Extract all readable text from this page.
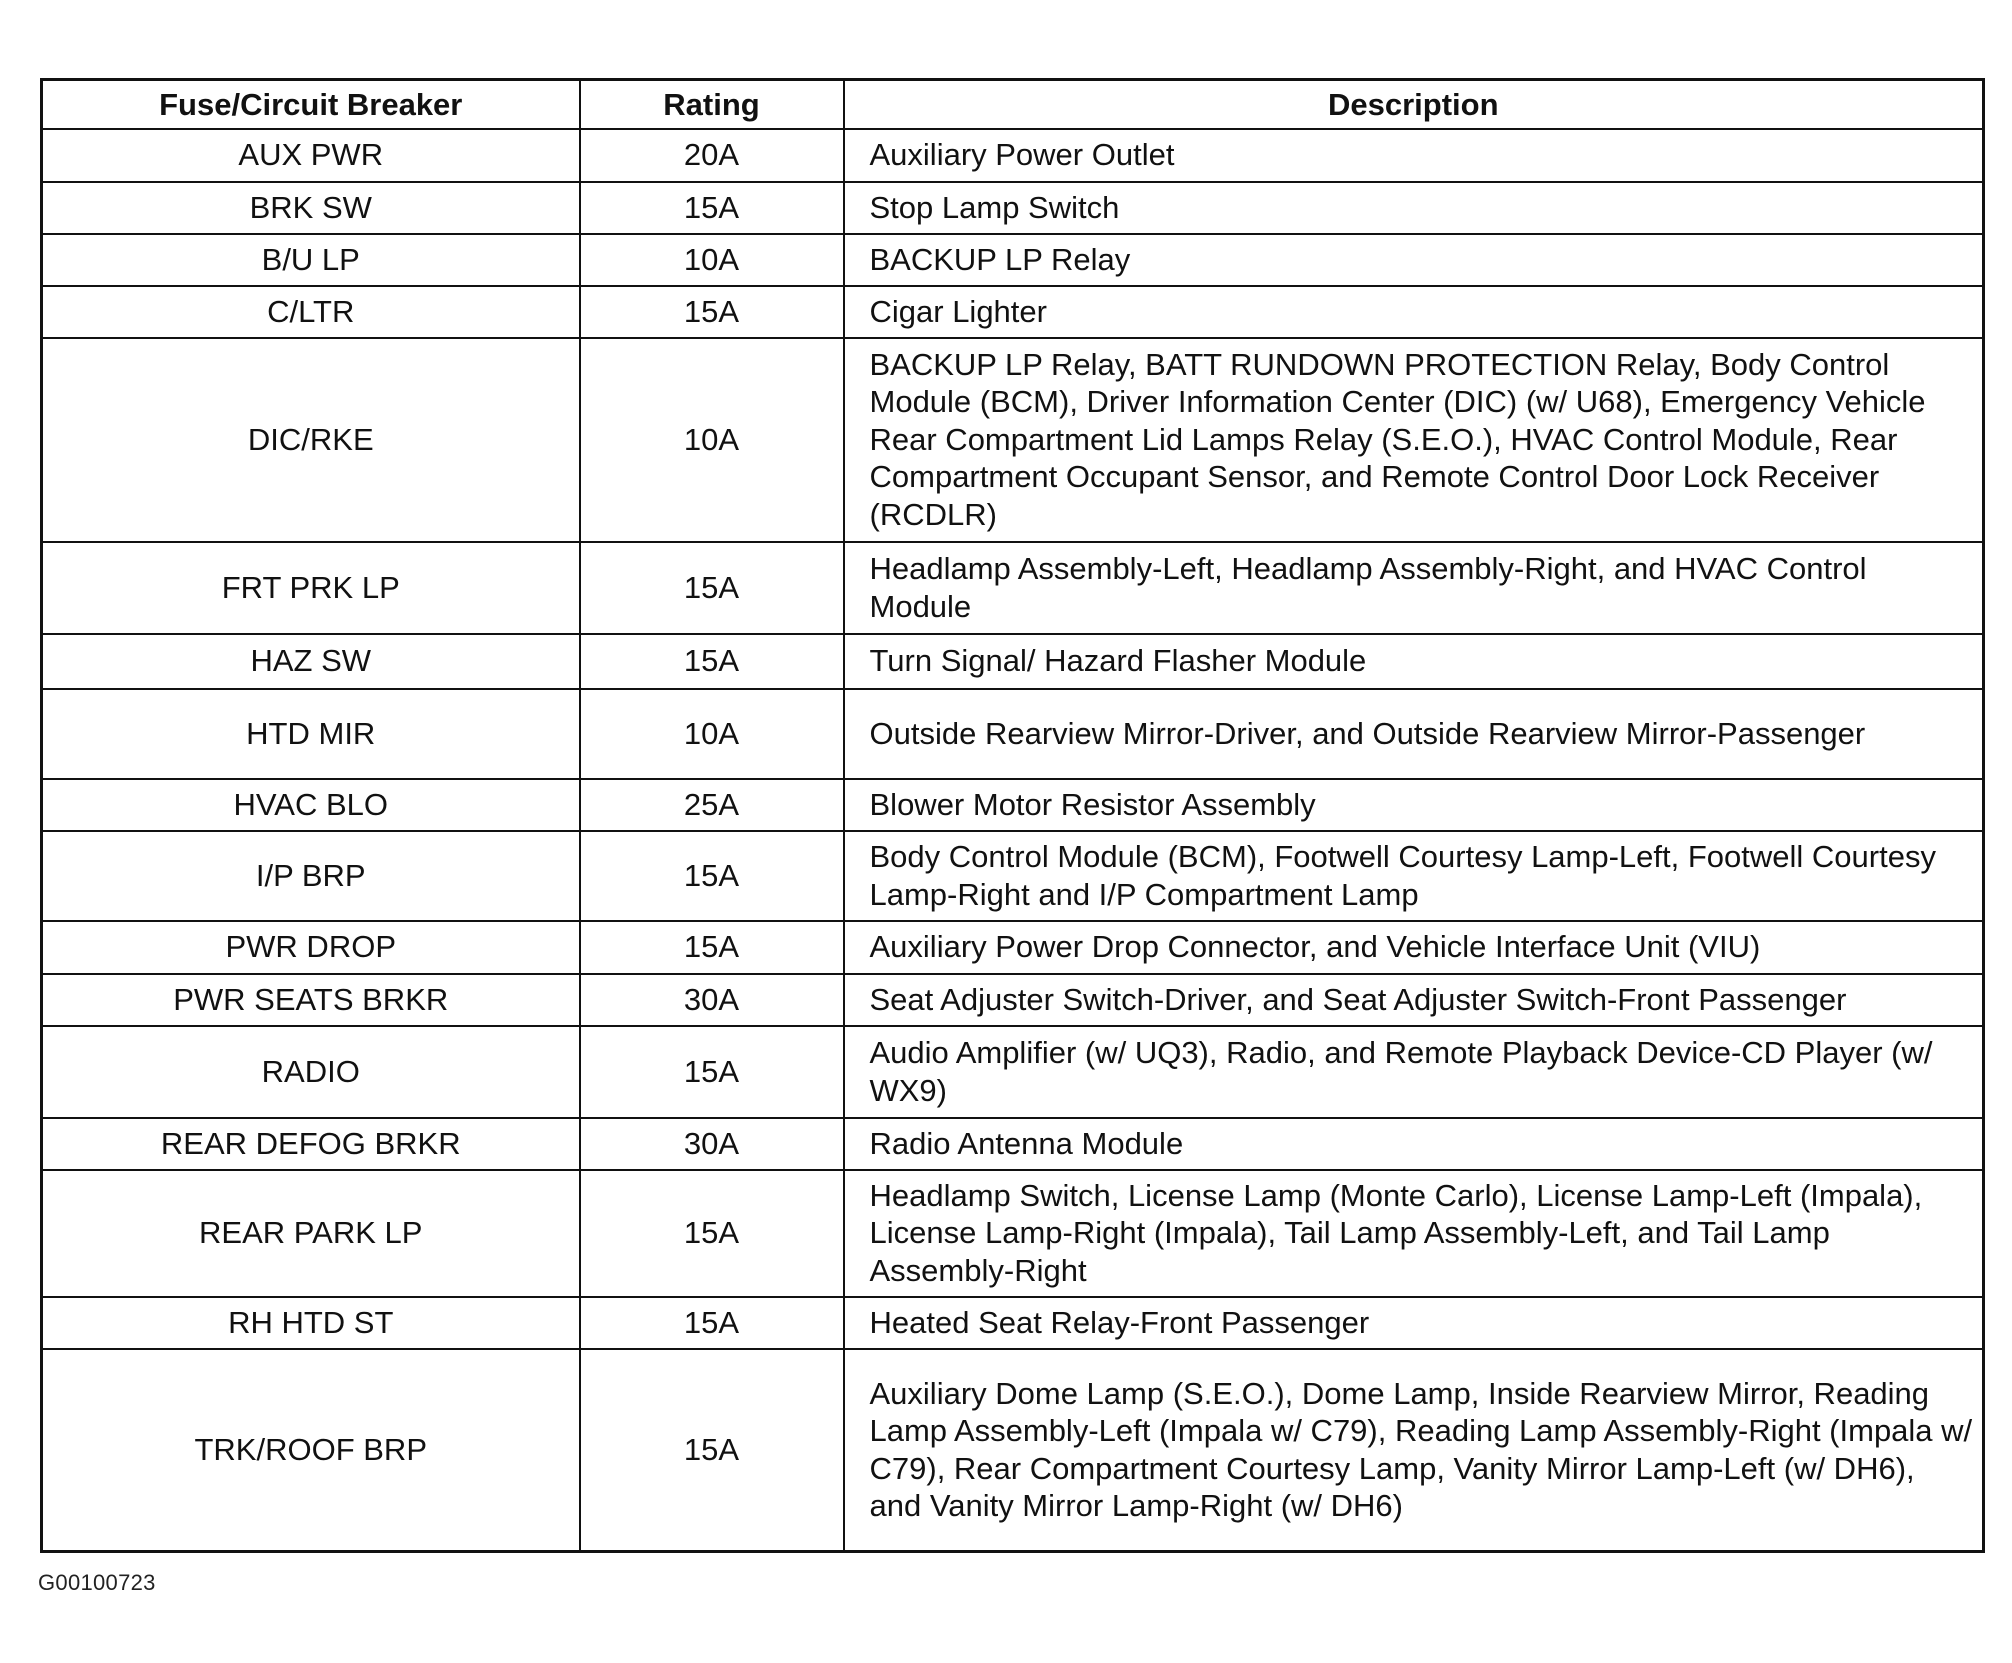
Fuse/Circuit Breaker	Rating	Description
AUX PWR	20A	Auxiliary Power Outlet
BRK SW	15A	Stop Lamp Switch
B/U LP	10A	BACKUP LP Relay
C/LTR	15A	Cigar Lighter
DIC/RKE	10A	BACKUP LP Relay, BATT RUNDOWN PROTECTION Relay, Body Control Module (BCM), Driver Information Center (DIC) (w/ U68), Emergency Vehicle Rear Compartment Lid Lamps Relay (S.E.O.), HVAC Control Module, Rear Compartment Occupant Sensor, and Remote Control Door Lock Receiver (RCDLR)
FRT PRK LP	15A	Headlamp Assembly-Left, Headlamp Assembly-Right, and HVAC Control Module
HAZ SW	15A	Turn Signal/ Hazard Flasher Module
HTD MIR	10A	Outside Rearview Mirror-Driver, and Outside Rearview Mirror-Passenger
HVAC BLO	25A	Blower Motor Resistor Assembly
I/P BRP	15A	Body Control Module (BCM), Footwell Courtesy Lamp-Left, Footwell Courtesy Lamp-Right and I/P Compartment Lamp
PWR DROP	15A	Auxiliary Power Drop Connector, and Vehicle Interface Unit (VIU)
PWR SEATS BRKR	30A	Seat Adjuster Switch-Driver, and Seat Adjuster Switch-Front Passenger
RADIO	15A	Audio Amplifier (w/ UQ3), Radio, and Remote Playback Device-CD Player (w/ WX9)
REAR DEFOG BRKR	30A	Radio Antenna Module
REAR PARK LP	15A	Headlamp Switch, License Lamp (Monte Carlo), License Lamp-Left (Impala), License Lamp-Right (Impala), Tail Lamp Assembly-Left, and Tail Lamp Assembly-Right
RH HTD ST	15A	Heated Seat Relay-Front Passenger
TRK/ROOF BRP	15A	Auxiliary Dome Lamp (S.E.O.), Dome Lamp, Inside Rearview Mirror, Reading Lamp Assembly-Left (Impala w/ C79), Reading Lamp Assembly-Right (Impala w/ C79), Rear Compartment Courtesy Lamp, Vanity Mirror Lamp-Left (w/ DH6), and Vanity Mirror Lamp-Right (w/ DH6)
G00100723
